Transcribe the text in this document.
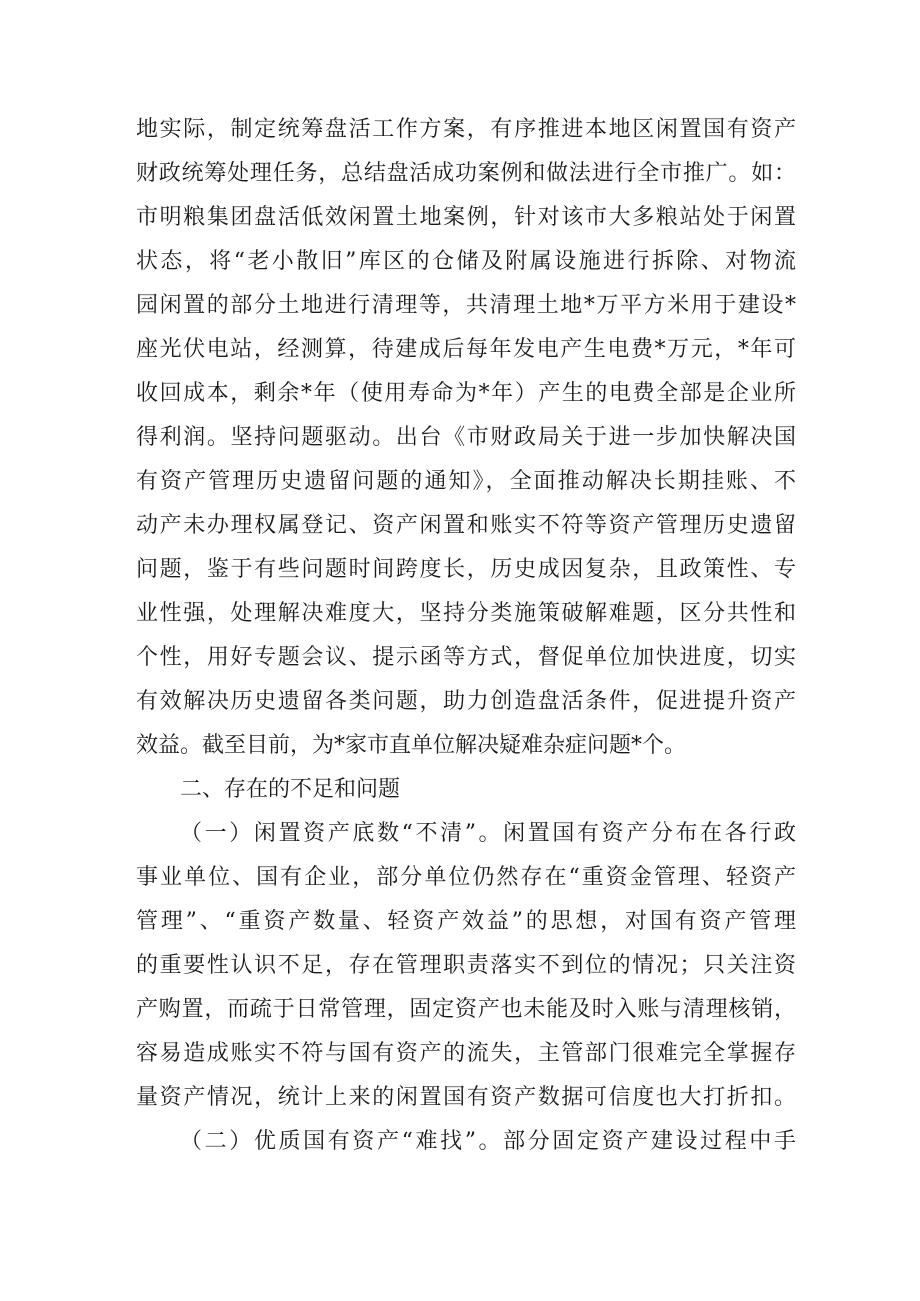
地实际，制定统筹盘活工作方案，有序推进本地区闲置国有资产
财政统筹处理任务，总结盘活成功案例和做法进行全市推广。如：
市明粮集团盘活低效闲置土地案例，针对该市大多粮站处于闲置
状态，将“老小散旧”库区的仓储及附属设施进行拆除、对物流
园闲置的部分土地进行清理等，共清理土地*万平方米用于建设*
座光伏电站，经测算，待建成后每年发电产生电费*万元，*年可
收回成本，剩余*年（使用寿命为*年）产生的电费全部是企业所
得利润。坚持问题驱动。出台《市财政局关于进一步加快解决国
有资产管理历史遗留问题的通知》，全面推动解决长期挂账、不
动产未办理权属登记、资产闲置和账实不符等资产管理历史遗留
问题，鉴于有些问题时间跨度长，历史成因复杂，且政策性、专
业性强，处理解决难度大，坚持分类施策破解难题，区分共性和
个性，用好专题会议、提示函等方式，督促单位加快进度，切实
有效解决历史遗留各类问题，助力创造盘活条件，促进提升资产
效益。截至目前，为*家市直单位解决疑难杂症问题*个。
二、存在的不足和问题
（一）闲置资产底数“不清”。闲置国有资产分布在各行政
事业单位、国有企业，部分单位仍然存在“重资金管理、轻资产
管理”、“重资产数量、轻资产效益”的思想，对国有资产管理
的重要性认识不足，存在管理职责落实不到位的情况；只关注资
产购置，而疏于日常管理，固定资产也未能及时入账与清理核销，
容易造成账实不符与国有资产的流失，主管部门很难完全掌握存
量资产情况，统计上来的闲置国有资产数据可信度也大打折扣。
（二）优质国有资产“难找”。部分固定资产建设过程中手
